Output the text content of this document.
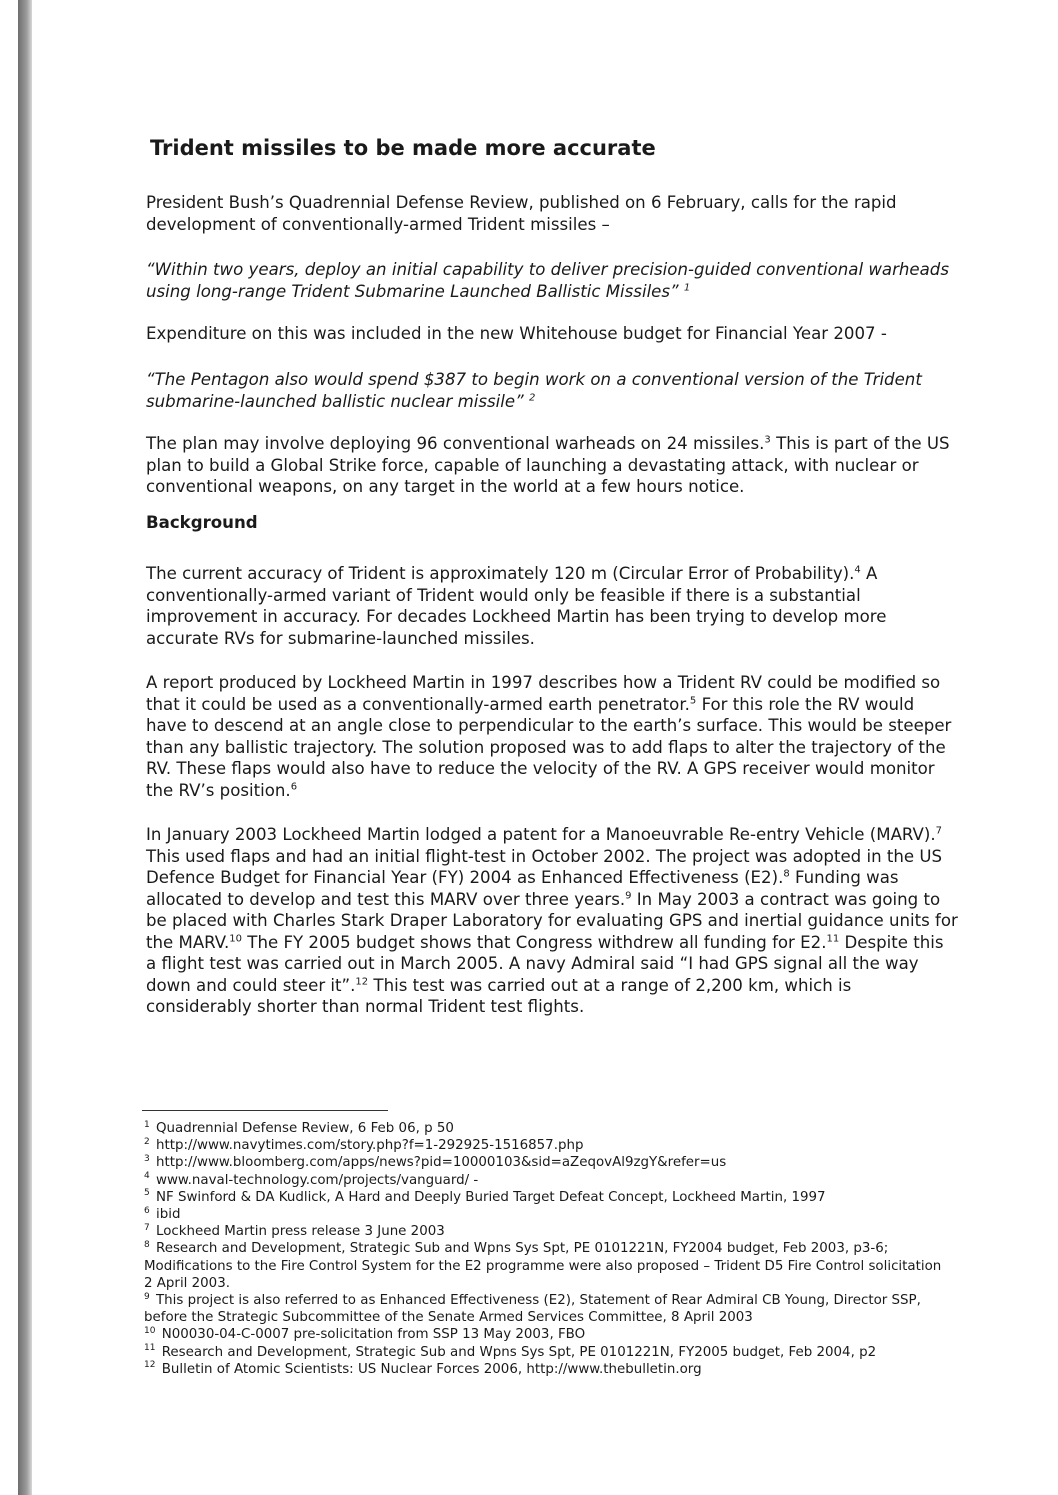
Trident missiles to be made more accurate

President Bush’s Quadrennial Defense Review, published on 6 February, calls for the rapid development of conventionally-armed Trident missiles –

“Within two years, deploy an initial capability to deliver precision-guided conventional warheads using long-range Trident Submarine Launched Ballistic Missiles” $^1$

Expenditure on this was included in the new Whitehouse budget for Financial Year 2007 -

“The Pentagon also would spend $387 to begin work on a conventional version of the Trident submarine-launched ballistic nuclear missile” $^2$

The plan may involve deploying 96 conventional warheads on 24 missiles.$^3$ This is part of the US plan to build a Global Strike force, capable of launching a devastating attack, with nuclear or conventional weapons, on any target in the world at a few hours notice.

Background

The current accuracy of Trident is approximately 120 m (Circular Error of Probability).$^4$ A conventionally-armed variant of Trident would only be feasible if there is a substantial improvement in accuracy. For decades Lockheed Martin has been trying to develop more accurate RVs for submarine-launched missiles.

A report produced by Lockheed Martin in 1997 describes how a Trident RV could be modified so that it could be used as a conventionally-armed earth penetrator.$^5$ For this role the RV would have to descend at an angle close to perpendicular to the earth’s surface. This would be steeper than any ballistic trajectory. The solution proposed was to add flaps to alter the trajectory of the RV. These flaps would also have to reduce the velocity of the RV. A GPS receiver would monitor the RV’s position.$^6$

In January 2003 Lockheed Martin lodged a patent for a Manoeuvrable Re-entry Vehicle (MARV).$^7$ This used flaps and had an initial flight-test in October 2002. The project was adopted in the US Defence Budget for Financial Year (FY) 2004 as Enhanced Effectiveness (E2).$^8$ Funding was allocated to develop and test this MARV over three years.$^9$ In May 2003 a contract was going to be placed with Charles Stark Draper Laboratory for evaluating GPS and inertial guidance units for the MARV.$^{10}$ The FY 2005 budget shows that Congress withdrew all funding for E2.11 Despite this a flight test was carried out in March 2005. A navy Admiral said “I had GPS signal all the way down and could steer it”.$^{12}$ This test was carried out at a range of 2,200 km, which is considerably shorter than normal Trident test flights.

$^1$ Quadrennial Defense Review, 6 Feb 06, p 50

$^2$ http://www.navytimes.com/story.php?f=1-292925-1516857.php

$^3$ http://www.bloomberg.com/apps/news?pid=10000103&sid=aZeqovAl9zgY&refer=us

$^4$ www.naval-technology.com/projects/vanguard/ -

$^5$ NF Swinford & DA Kudlick, A Hard and Deeply Buried Target Defeat Concept, Lockheed Martin, 1997

$^6$ ibid

$^7$ Lockheed Martin press release 3 June 2003

$^8$ Research and Development, Strategic Sub and Wpns Sys Spt, PE 0101221N, FY2004 budget, Feb 2003, p3-6; Modifications to the Fire Control System for the E2 programme were also proposed – Trident D5 Fire Control solicitation 2 April 2003.

$^9$ This project is also referred to as Enhanced Effectiveness (E2), Statement of Rear Admiral CB Young, Director SSP, before the Strategic Subcommittee of the Senate Armed Services Committee, 8 April 2003

$^{10}$ N00030-04-C-0007 pre-solicitation from SSP 13 May 2003, FBO

$^{11}$ Research and Development, Strategic Sub and Wpns Sys Spt, PE 0101221N, FY2005 budget, Feb 2004, p2

$^{12}$ Bulletin of Atomic Scientists: US Nuclear Forces 2006, http://www.thebulletin.org
